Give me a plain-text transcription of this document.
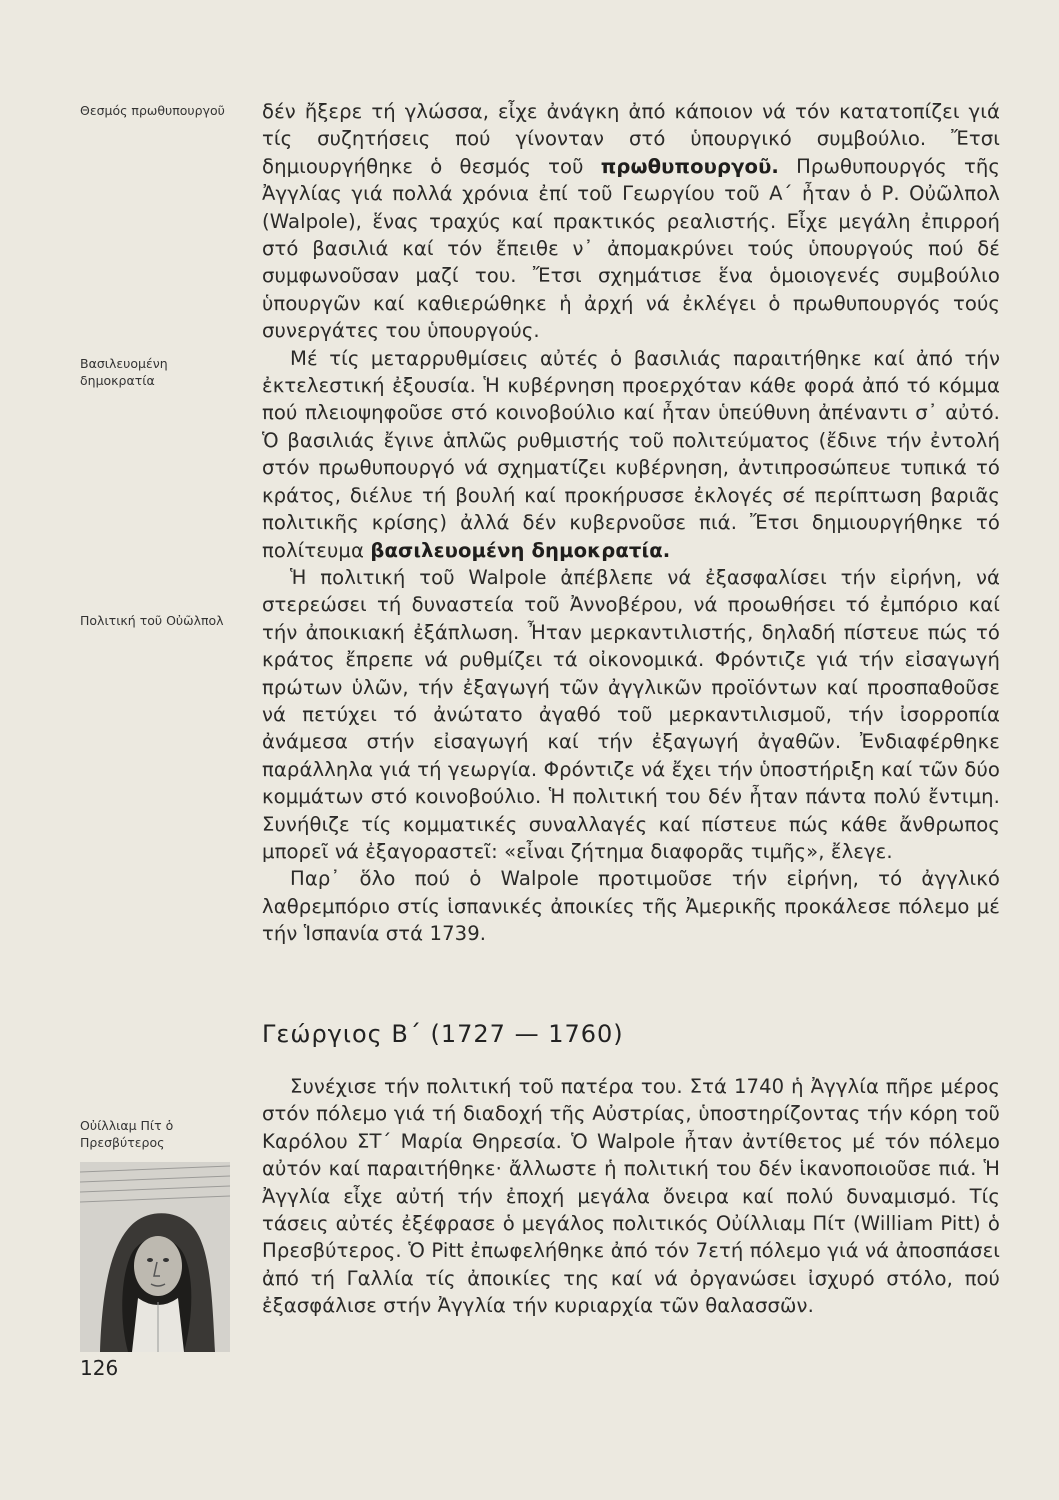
Θεσμός πρωθυπουργοῦ
Βασιλευομένη δημοκρατία
Πολιτική τοῦ Οὐῶλπολ
Οὐίλλιαμ Πίτ ὁ Πρεσβύτερος

δέν ἤξερε τή γλώσσα, εἶχε ἀνάγκη ἀπό κάποιον νά τόν κατατοπίζει γιά τίς συζητήσεις πού γίνονταν στό ὑπουργικό συμβούλιο. Ἔτσι δημιουργήθηκε ὁ θεσμός τοῦ πρωθυπουργοῦ. Πρωθυπουργός τῆς Ἀγγλίας γιά πολλά χρόνια ἐπί τοῦ Γεωργίου τοῦ Α΄ ἦταν ὁ Ρ. Οὐῶλπολ (Walpole), ἕνας τραχύς καί πρακτικός ρεαλιστής. Εἶχε μεγάλη ἐπιρροή στό βασιλιά καί τόν ἔπειθε ν᾽ ἀπομακρύνει τούς ὑπουργούς πού δέ συμφωνοῦσαν μαζί του. Ἔτσι σχημάτισε ἕνα ὁμοιογενές συμβούλιο ὑπουργῶν καί καθιερώθηκε ἡ ἀρχή νά ἐκλέγει ὁ πρωθυπουργός τούς συνεργάτες του ὑπουργούς.

Μέ τίς μεταρρυθμίσεις αὐτές ὁ βασιλιάς παραιτήθηκε καί ἀπό τήν ἐκτελεστική ἐξουσία. Ἡ κυβέρνηση προερχόταν κάθε φορά ἀπό τό κόμμα πού πλειοψηφοῦσε στό κοινοβούλιο καί ἦταν ὑπεύθυνη ἀπέναντι σ᾽ αὐτό. Ὁ βασιλιάς ἔγινε ἁπλῶς ρυθμιστής τοῦ πολιτεύματος (ἔδινε τήν ἐντολή στόν πρωθυπουργό νά σχηματίζει κυβέρνηση, ἀντιπροσώπευε τυπικά τό κράτος, διέλυε τή βουλή καί προκήρυσσε ἐκλογές σέ περίπτωση βαριᾶς πολιτικῆς κρίσης) ἀλλά δέν κυβερνοῦσε πιά. Ἔτσι δημιουργήθηκε τό πολίτευμα βασιλευομένη δημοκρατία.

Ἡ πολιτική τοῦ Walpole ἀπέβλεπε νά ἐξασφαλίσει τήν εἰρήνη, νά στερεώσει τή δυναστεία τοῦ Ἀννοβέρου, νά προωθήσει τό ἐμπόριο καί τήν ἀποικιακή ἐξάπλωση. Ἦταν μερκαντιλιστής, δηλαδή πίστευε πώς τό κράτος ἔπρεπε νά ρυθμίζει τά οἰκονομικά. Φρόντιζε γιά τήν εἰσαγωγή πρώτων ὑλῶν, τήν ἐξαγωγή τῶν ἀγγλικῶν προϊόντων καί προσπαθοῦσε νά πετύχει τό ἀνώτατο ἀγαθό τοῦ μερκαντιλισμοῦ, τήν ἰσορροπία ἀνάμεσα στήν εἰσαγωγή καί τήν ἐξαγωγή ἀγαθῶν. Ἐνδιαφέρθηκε παράλληλα γιά τή γεωργία. Φρόντιζε νά ἔχει τήν ὑποστήριξη καί τῶν δύο κομμάτων στό κοινοβούλιο. Ἡ πολιτική του δέν ἦταν πάντα πολύ ἔντιμη. Συνήθιζε τίς κομματικές συναλλαγές καί πίστευε πώς κάθε ἄνθρωπος μπορεῖ νά ἐξαγοραστεῖ: «εἶναι ζήτημα διαφορᾶς τιμῆς», ἔλεγε.

Παρ᾽ ὅλο πού ὁ Walpole προτιμοῦσε τήν εἰρήνη, τό ἀγγλικό λαθρεμπόριο στίς ἱσπανικές ἀποικίες τῆς Ἀμερικῆς προκάλεσε πόλεμο μέ τήν Ἱσπανία στά 1739.

Γεώργιος Β΄ (1727 — 1760)

Συνέχισε τήν πολιτική τοῦ πατέρα του. Στά 1740 ἡ Ἀγγλία πῆρε μέρος στόν πόλεμο γιά τή διαδοχή τῆς Αὐστρίας, ὑποστηρίζοντας τήν κόρη τοῦ Καρόλου ΣΤ΄ Μαρία Θηρεσία. Ὁ Walpole ἦταν ἀντίθετος μέ τόν πόλεμο αὐτόν καί παραιτήθηκε· ἄλλωστε ἡ πολιτική του δέν ἱκανοποιοῦσε πιά. Ἡ Ἀγγλία εἶχε αὐτή τήν ἐποχή μεγάλα ὄνειρα καί πολύ δυναμισμό. Τίς τάσεις αὐτές ἐξέφρασε ὁ μεγάλος πολιτικός Οὐίλλιαμ Πίτ (William Pitt) ὁ Πρεσβύτερος. Ὁ Pitt ἐπωφελήθηκε ἀπό τόν 7ετή πόλεμο γιά νά ἀποσπάσει ἀπό τή Γαλλία τίς ἀποικίες της καί νά ὀργανώσει ἰσχυρό στόλο, πού ἐξασφάλισε στήν Ἀγγλία τήν κυριαρχία τῶν θαλασσῶν.

126
